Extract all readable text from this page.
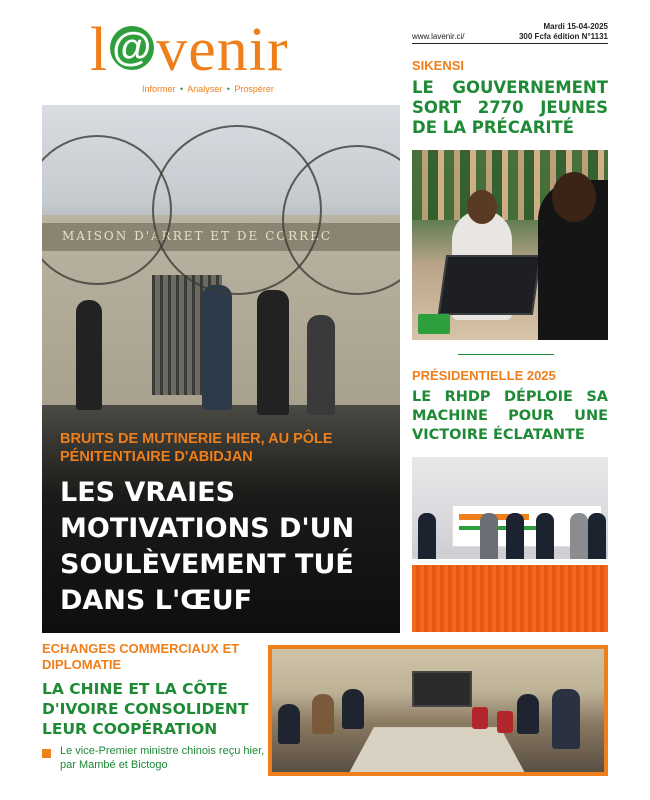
l@venir
Informer • Analyser • Prospérer
Mardi 15-04-2025
www.lavenir.ci/	300 Fcfa édition N°1131
SIKENSI
LE GOUVERNEMENT SORT 2770 JEUNES DE LA PRÉCARITÉ
PRÉSIDENTIELLE 2025
LE RHDP DÉPLOIE SA MACHINE POUR UNE VICTOIRE ÉCLATANTE
MAISON D'ARRET ET DE CORREC
BRUITS DE MUTINERIE HIER, AU PÔLE PÉNITENTIAIRE D'ABIDJAN
LES VRAIES MOTIVATIONS D'UN SOULÈVEMENT TUÉ DANS L'ŒUF
ECHANGES COMMERCIAUX ET DIPLOMATIE
LA CHINE ET LA CÔTE D'IVOIRE CONSOLIDENT LEUR COOPÉRATION
Le vice-Premier ministre chinois reçu hier, par Mambé et Bictogo
